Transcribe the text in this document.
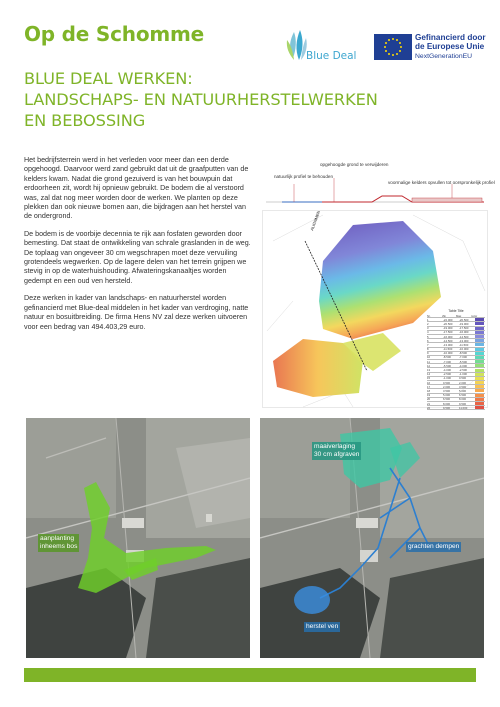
Op de Schomme
Blue Deal
Gefinancierd door
de Europese Unie
NextGenerationEU
BLUE DEAL WERKEN:
LANDSCHAPS- EN NATUURHERSTELWERKEN
EN BEBOSSING

Het bedrijfsterrein werd in het verleden voor meer dan een derde opgehoogd. Daarvoor werd zand gebruikt dat uit de graafputten van de kelders kwam. Nadat die grond gezuiverd is van het bouwpuin dat erdoorheen zit, wordt hij opnieuw gebruikt. De bodem die al verstoord was, zal dat nog meer worden door de werken. We planten op deze plekken dan ook nieuwe bomen aan, die bijdragen aan het herstel van de ondergrond.

De bodem is de voorbije decennia te rijk aan fosfaten geworden door bemesting. Dat staat de ontwikkeling van schrale graslanden in de weg. De toplaag van ongeveer 30 cm wegschrapen moet deze vervuiling grotendeels wegwerken. Op de lagere delen van het terrein grijpen we stevig in op de waterhuishouding. Afwateringskanaaltjes worden gedempt en een oud ven hersteld.

Deze werken in kader van landschaps- en natuurherstel worden gefinancierd met Blue-deal middelen in het kader van verdroging, natte natuur en bosuitbreiding. De firma Hens NV zal deze werken uitvoeren voor een bedrag van 494.403,29 euro.

opgehoogde grond te verwijderen
natuurlijk profiel te behouden
voormalige kelders opvullen tot oorspronkelijk profiel
ALIGNMENT NR. 1
Table Title
Nr.	Min	Max	Color
1	-22.000	-20.500
2	-20.500	-19.000
3	-19.000	-17.500
4	-17.500	-16.000
5	-16.000	-14.500
6	-14.500	-13.000
7	-13.000	-11.500
8	-11.500	-10.000
9	-10.000	-8.500
10	-8.500	-7.000
11	-7.000	-5.500
12	-5.500	-4.000
13	-4.000	-2.500
14	-2.500	-1.000
15	-1.000	0.500
16	0.500	2.000
17	2.000	3.500
18	3.500	5.000
19	5.000	6.500
20	6.500	8.000
21	8.000	9.500
22	9.500	11.000
aanplanting
inheems bos
maaiverlaging
30 cm afgraven
grachten dempen
herstel ven
